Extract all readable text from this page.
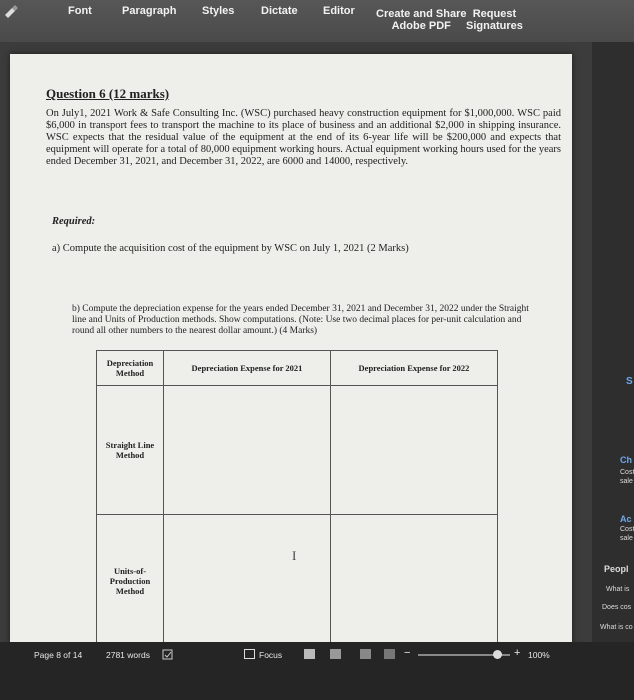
Font	Paragraph Styles Dictate Editor Create and Share
Adobe PDF
Request
Signatures
Question 6 (12 marks)
On July1, 2021 Work & Safe Consulting Inc. (WSC) purchased heavy construction equipment for $1,000,000. WSC paid $6,000 in transport fees to transport the machine to its place of business and an additional $2,000 in shipping insurance. WSC expects that the residual value of the equipment at the end of its 6-year life will be $200,000 and expects that equipment will operate for a total of 80,000 equipment working hours. Actual equipment working hours used for the years ended December 31, 2021, and December 31, 2022, are 6000 and 14000, respectively.
Required:
a) Compute the acquisition cost of the equipment by WSC on July 1, 2021 (2 Marks)
b) Compute the depreciation expense for the years ended December 31, 2021 and December 31, 2022 under the Straight line and Units of Production methods. Show computations. (Note: Use two decimal places for per-unit calculation and round all other numbers to the nearest dollar amount.) (4 Marks)
Depreciation Method	Depreciation Expense for 2021	Depreciation Expense for 2022
Straight Line Method		
Units-of-Production Method		
I
S
Ch
Cost
sale
Ac
Cost
sale
Peopl
What is
Does cos
What is co
Page 8 of 14	2781 words	Focus	−	+ 100%
